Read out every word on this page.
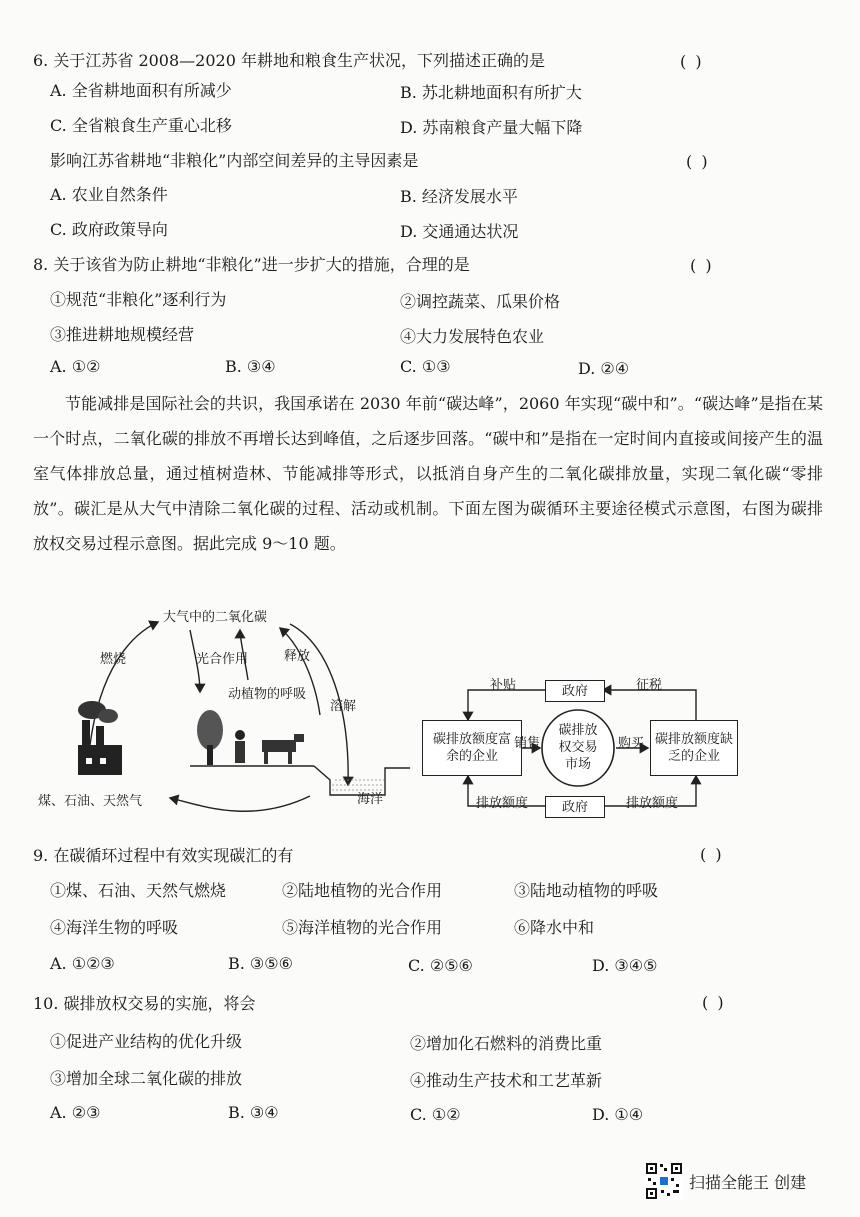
6. 关于江苏省 2008—2020 年耕地和粮食生产状况，下列描述正确的是	( )
A. 全省耕地面积有所减少	B. 苏北耕地面积有所扩大
C. 全省粮食生产重心北移	D. 苏南粮食产量大幅下降
影响江苏省耕地“非粮化”内部空间差异的主导因素是	( )
A. 农业自然条件	B. 经济发展水平
C. 政府政策导向	D. 交通通达状况
8. 关于该省为防止耕地“非粮化”进一步扩大的措施，合理的是	( )
①规范“非粮化”逐利行为	②调控蔬菜、瓜果价格
③推进耕地规模经营	④大力发展特色农业
A. ①②	B. ③④	C. ①③	D. ②④

节能减排是国际社会的共识，我国承诺在 2030 年前“碳达峰”，2060 年实现“碳中和”。“碳达峰”是指在某一个时点，二氧化碳的排放不再增长达到峰值，之后逐步回落。“碳中和”是指在一定时间内直接或间接产生的温室气体排放总量，通过植树造林、节能减排等形式，以抵消自身产生的二氧化碳排放量，实现二氧化碳“零排放”。碳汇是从大气中清除二氧化碳的过程、活动或机制。下面左图为碳循环主要途径模式示意图，右图为碳排放权交易过程示意图。据此完成 9～10 题。

大气中的二氧化碳
燃烧	光合作用	释放
动植物的呼吸
溶解
煤、石油、天然气	海洋
补贴	征税
政府
碳排放额度富余的企业
销售
碳排放权交易市场
购买 碳排放额度缺乏的企业
排放额度	政府	排放额度
9. 在碳循环过程中有效实现碳汇的有	( )
①煤、石油、天然气燃烧	②陆地植物的光合作用	③陆地动植物的呼吸
④海洋生物的呼吸	⑤海洋植物的光合作用	⑥降水中和
A. ①②③	B. ③⑤⑥	C. ②⑤⑥	D. ③④⑤
10. 碳排放权交易的实施，将会	( )
①促进产业结构的优化升级	②增加化石燃料的消费比重
③增加全球二氧化碳的排放	④推动生产技术和工艺革新
A. ②③	B. ③④	C. ①②	D. ①④
扫描全能王 创建
